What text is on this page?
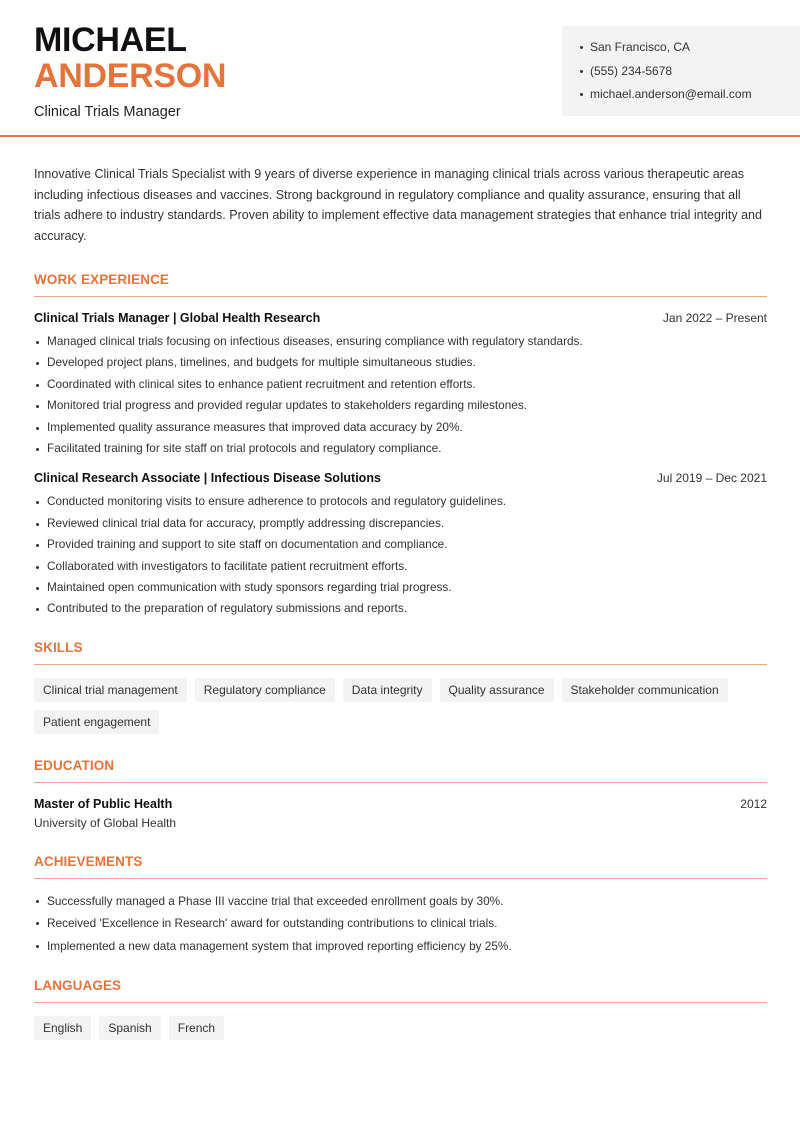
MICHAEL
ANDERSON
Clinical Trials Manager
San Francisco, CA
(555) 234-5678
michael.anderson@email.com

Innovative Clinical Trials Specialist with 9 years of diverse experience in managing clinical trials across various therapeutic areas including infectious diseases and vaccines. Strong background in regulatory compliance and quality assurance, ensuring that all trials adhere to industry standards. Proven ability to implement effective data management strategies that enhance trial integrity and accuracy.

WORK EXPERIENCE
Clinical Trials Manager | Global Health Research	Jan 2022 – Present
Managed clinical trials focusing on infectious diseases, ensuring compliance with regulatory standards.
Developed project plans, timelines, and budgets for multiple simultaneous studies.
Coordinated with clinical sites to enhance patient recruitment and retention efforts.
Monitored trial progress and provided regular updates to stakeholders regarding milestones.
Implemented quality assurance measures that improved data accuracy by 20%.
Facilitated training for site staff on trial protocols and regulatory compliance.
Clinical Research Associate | Infectious Disease Solutions	Jul 2019 – Dec 2021
Conducted monitoring visits to ensure adherence to protocols and regulatory guidelines.
Reviewed clinical trial data for accuracy, promptly addressing discrepancies.
Provided training and support to site staff on documentation and compliance.
Collaborated with investigators to facilitate patient recruitment efforts.
Maintained open communication with study sponsors regarding trial progress.
Contributed to the preparation of regulatory submissions and reports.
SKILLS
Clinical trial management	Regulatory compliance	Data integrity	Quality assurance	Stakeholder communication
Patient engagement
EDUCATION
Master of Public Health	2012
University of Global Health
ACHIEVEMENTS
Successfully managed a Phase III vaccine trial that exceeded enrollment goals by 30%.
Received 'Excellence in Research' award for outstanding contributions to clinical trials.
Implemented a new data management system that improved reporting efficiency by 25%.
LANGUAGES
English	Spanish	French
